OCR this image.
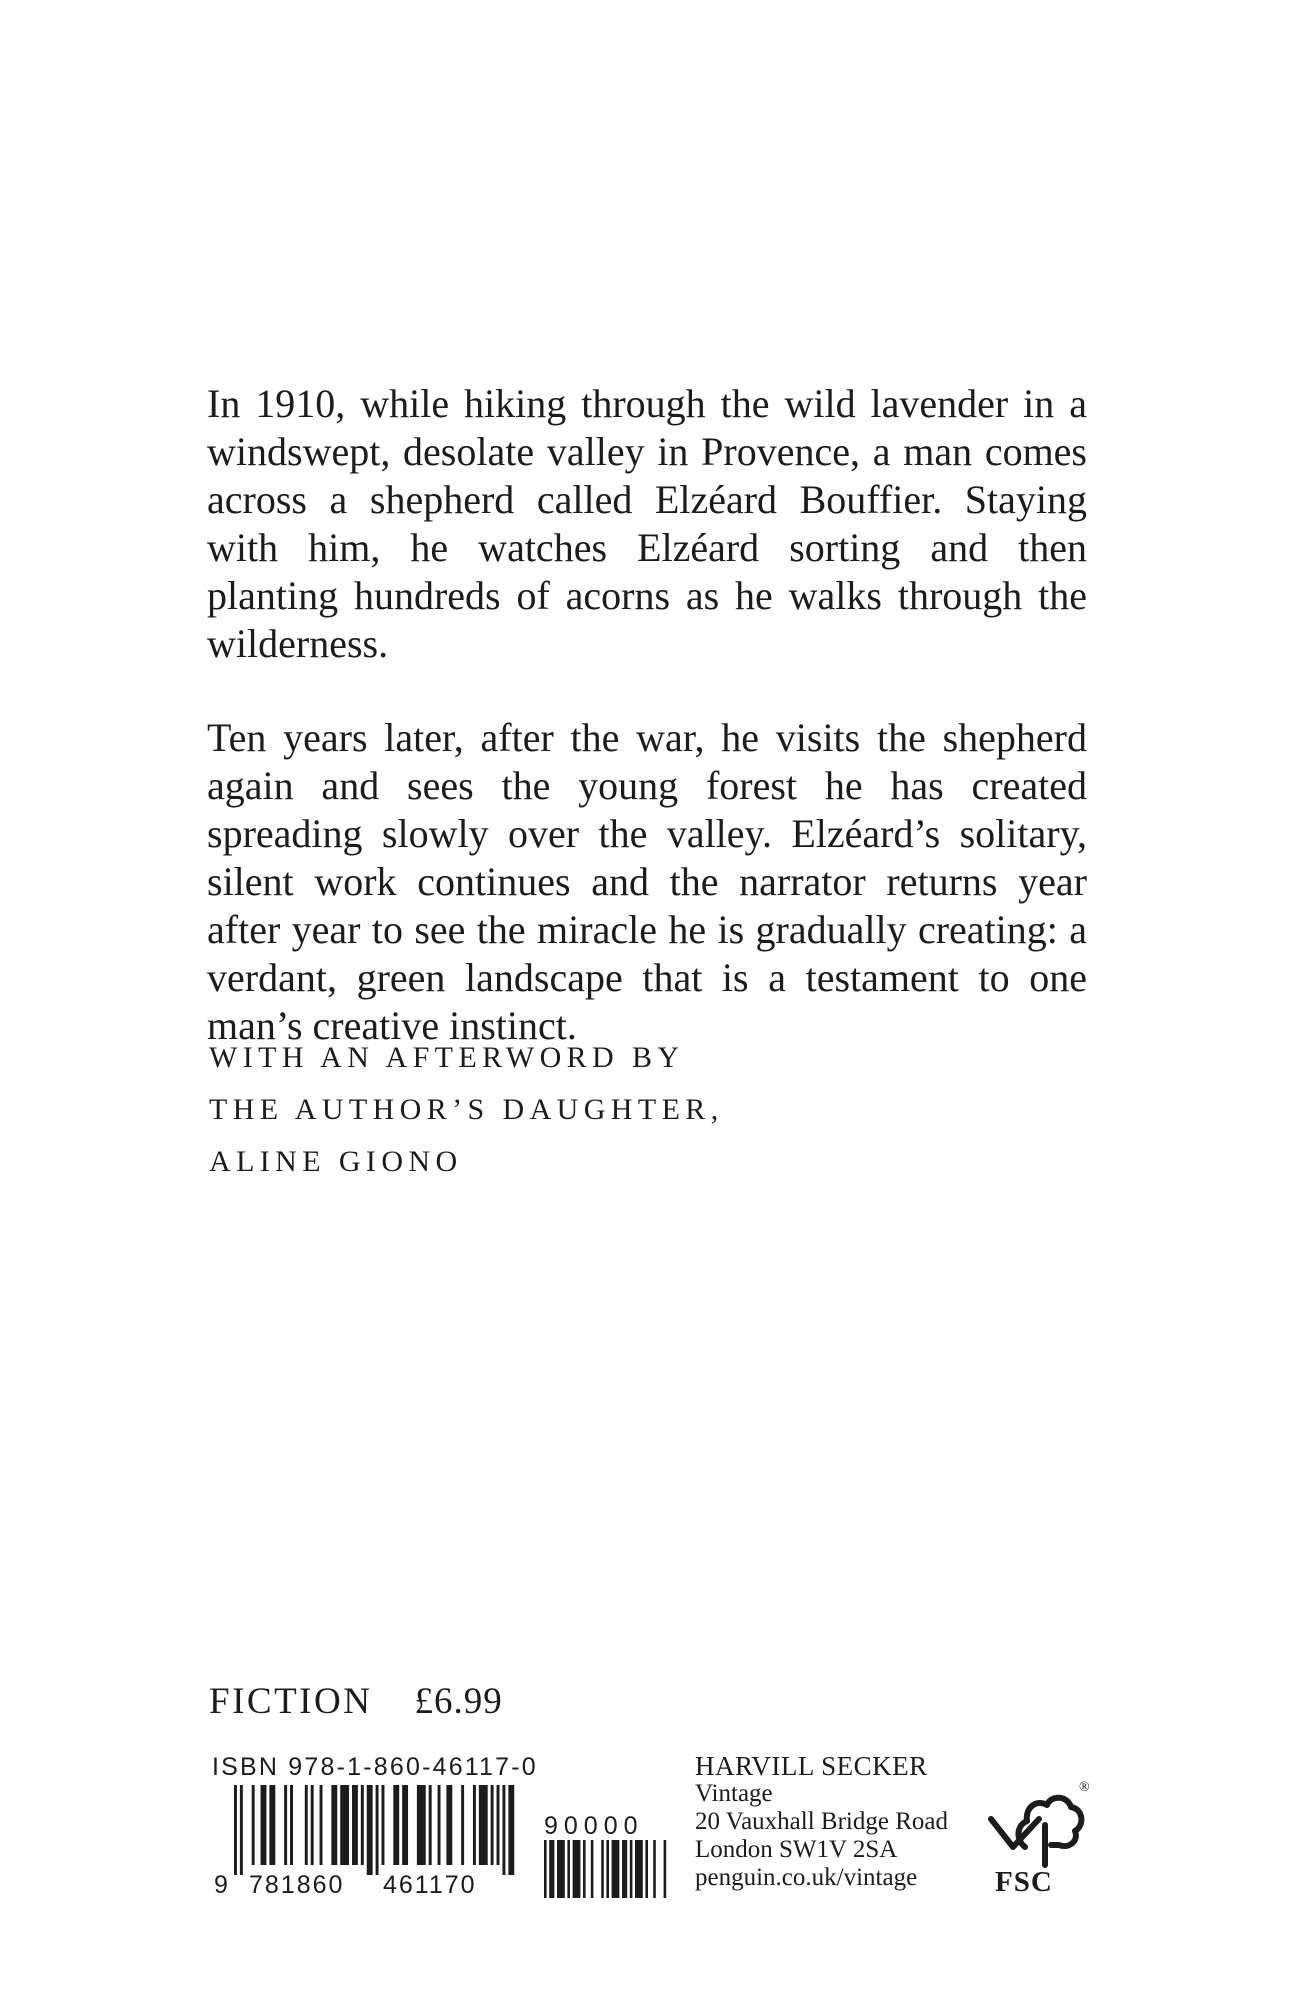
In 1910, while hiking through the wild lavender in a windswept, desolate valley in Provence, a man comes across a shepherd called Elzéard Bouffier. Staying with him, he watches Elzéard sorting and then planting hundreds of acorns as he walks through the wilderness.

Ten years later, after the war, he visits the shepherd again and sees the young forest he has created spreading slowly over the valley. Elzéard’s solitary, silent work continues and the narrator returns year after year to see the miracle he is gradually creating: a verdant, green landscape that is a testament to one man’s creative instinct.

WITH AN AFTERWORD BY
THE AUTHOR’S DAUGHTER,
ALINE GIONO
FICTION £6.99
ISBN 978-1-860-46117-0
9 781860 461170
90000
HARVILL SECKER
Vintage
20 Vauxhall Bridge Road
London SW1V 2SA
penguin.co.uk/vintage
®
FSC
